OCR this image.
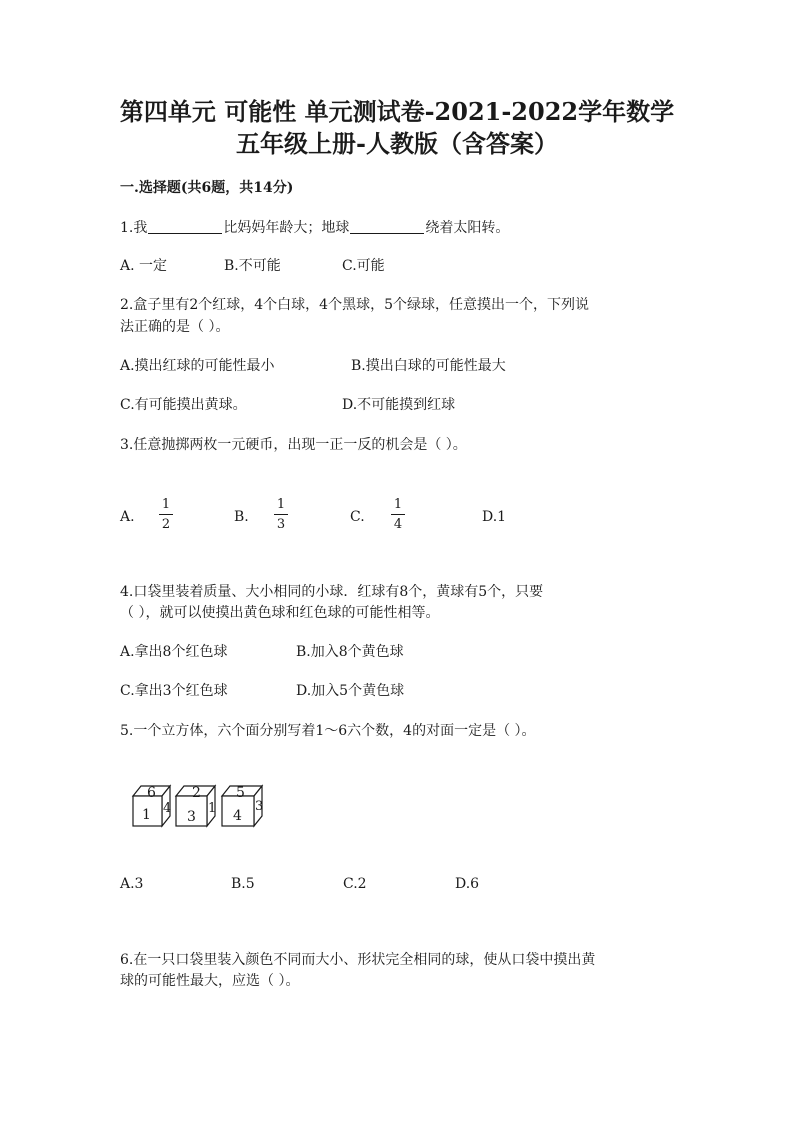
第四单元 可能性 单元测试卷-2021-2022学年数学
五年级上册-人教版（含答案）
一.选择题(共6题，共14分)
1.我	比妈妈年龄大；地球	绕着太阳转。
A. 一定	B.不可能	C.可能
2.盒子里有2个红球，4个白球，4个黑球，5个绿球，任意摸出一个，下列说
法正确的是（ ）。
A.摸出红球的可能性最小	B.摸出白球的可能性最大
C.有可能摸出黄球。	D.不可能摸到红球
3.任意抛掷两枚一元硬币，出现一正一反的机会是（ ）。
A.
1
2	B.
1
3	C.
1
4	D.1
4.口袋里装着质量、大小相同的小球．红球有8个，黄球有5个，只要
（ ），就可以使摸出黄色球和红色球的可能性相等。
A.拿出8个红色球	B.加入8个黄色球
C.拿出3个红色球	D.加入5个黄色球
5.一个立方体，六个面分别写着1～6六个数，4的对面一定是（ ）。
6
1 4
2
3
1
5
4
3
A.3	B.5	C.2	D.6
6.在一只口袋里装入颜色不同而大小、形状完全相同的球，使从口袋中摸出黄
球的可能性最大，应选（ ）。
